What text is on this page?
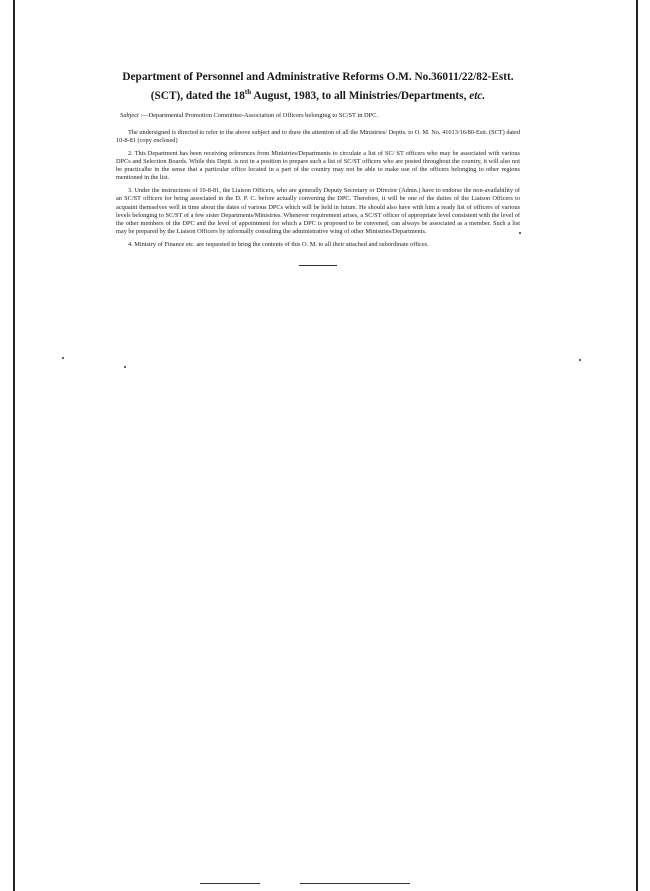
Department of Personnel and Administrative Reforms O.M. No.36011/22/82-Estt.(SCT), dated the 18th August, 1983, to all Ministries/Departments, etc.
Subject :—Departmental Promotion Committee-Association of Officers belonging to SC/ST in DPC.

The undersigned is directed to refer to the above subject and to draw the attention of all the Ministries/ Deptts. to O. M. No. 41013/16/80-Estt. (SCT) dated 10-8-81 (copy enclosed)

2. This Department has been receiving references from Ministries/Departments to circulate a list of SC/ ST officers who may be associated with various DPCs and Selection Boards. While this Deptt. is not in a position to prepare such a list of SC/ST officers who are posted throughout the country, it will also not be practicalbe in the sense that a particular office located in a part of the country may not be able to make use of the officers belonging to other regions mentioned in the list.

3. Under the instructions of 10-8-81, the Liaison Officers, who are generally Deputy Secretary or Director (Admn.) have to endorse the non-availability of an SC/ST officers for being associated in the D. P. C. before actually convening the DPC. Therefore, it will be one of the duties of the Liaison Officers to acquaint themselves well in time about the dates of various DPCs which will be held in future. He should also have with him a ready list of officers of various levels belonging to SC/ST of a few sister Departments/Ministries. Whenever requirement arises, a SC/ST officer of appropriate level consistent with the level of the other members of the DPC and the level of appointment for which a DPC is proposed to be convened, can always be associated as a member. Such a list may be prepared by the Liaison Officers by informally consulting the administrative wing of other Ministries/Departments.

4. Ministry of Finance etc. are requested to bring the contents of this O. M. to all their attached and subordinate offices.
